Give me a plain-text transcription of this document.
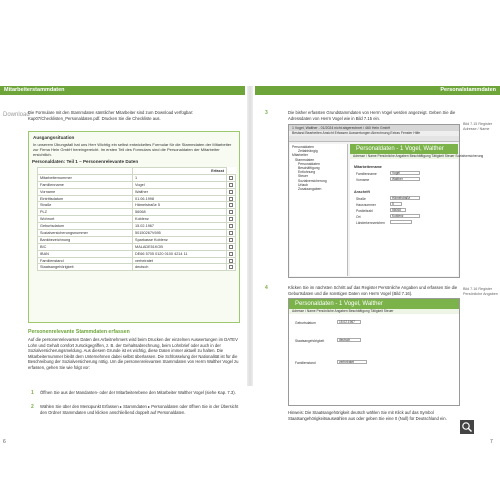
Mitarbeiterstammdaten	Personalstammdaten
Download
Die Formulare mit den Stammdaten sämtlicher Mitarbeiter sind zum Download verfügbar: Kap07/Checklisten_Personaldaten.pdf. Drucken Sie die Checkliste aus.
Ausgangssituation
In unserem Übungsfall hat uns Herr Wichtig ein selbst entwickeltes Formular für die Stammdaten der Mitarbeiter zur Firma Hein GmbH hereingereicht. Im ersten Teil des Formulars sind die Personaldaten der Mitarbeiter ersichtlich.
Personaldaten: Teil 1 – Personenrelevante Daten
	Erfasst	
Mitarbeiternummer	1	
Familienname	Vogel	
Vorname	Walther	
Eintrittsdatum	01.06.1998	
Straße	Hämelstraße 5	
PLZ	56068	
Wohnort	Koblenz	
Geburtsdatum	15.02.1967	
Sozialversicherungsnummer	50150267V695	
Bankbezeichnung	Sparkasse Koblenz	
BIC	MALADE51KOB	
IBAN	DE66 5705 0120 0100 4214 11	
Familienstand	verheiratet	
Staatsangehörigkeit	deutsch	
Personenrelevante Stammdaten erfassen
Auf die personenrelevanten Daten des Arbeitnehmers wird beim Drucken der einzelnen Auswertungen im DATEV Lohn und Gehalt comfort zurückgegriffen, z. B. der Gehaltsabrechnung, beim Lohnbrief oder auch in der Sozialversicherungsmeldung. Aus diesem Grunde ist es wichtig, diese Daten immer aktuell zu halten. Die Mitarbeiternummer bleibt dem Unternehmen dabei selbst überlassen. Die Schlüsselung der Nationalität ist für die Beschreibung der Sozialversicherung nötig. Um die personenrelevanten Stammdaten von Herrn Walther Vogel zu erfassen, gehen Sie wie folgt vor:
1 Öffnen Sie aus der Mandanten- oder der Mitarbeiterebene den Mitarbeiter Walther Vogel (siehe Kap. 7.3).
2 Wählen Sie über den Menüpunkt Erfassen ▸ Stammdaten ▸ Personaldaten oder öffnen Sie in der Übersicht den Ordner Stammdaten und klicken anschließend doppelt auf Personaldaten.
6
3	Die bisher erfassten Grundstammdaten von Herrn Vogel werden angezeigt. Geben Sie die Adressdaten von Herrn Vogel wie in Bild 7.15 ein.
Bild 7.15 Register Adresse / Name
1 Vogel, Walther - 01/2024 nicht abgerechnet / 460 Hein GmbH
Bestand Bearbeiten Ansicht Erfassen Auswertungen Abrechnung Extras Fenster Hilfe
Personaldaten
Zeitabhängig
Mitarbeiter
Stammdaten
Personaldaten
Beschäftigung
Entlohnung
Steuer
Sozialversicherung
Urlaub
Zusatzangaben
Personaldaten - 1 Vogel, Walther
Adresse / Name Persönliche Angaben Beschäftigung Tätigkeit Steuer Sozialversicherung
Mitarbeitername
Familienname	Vogel
Vorname	Walther
Anschrift
Straße	Hämelstraße
Hausnummer	5
Postleitzahl	56068
Ort	Koblenz
Länderkennzeichen
4	Klicken Sie im nächsten Schritt auf das Register Persönliche Angaben und erfassen Sie die Geburtsdaten und die sonstigen Daten von Herrn Vogel (Bild 7.16).
Bild 7.16 Register Persönliche Angaben
Personaldaten - 1 Vogel, Walther
Adresse / Name Persönliche Angaben Beschäftigung Tätigkeit Steuer
Geburtsdatum	15.02.1967
Staatsangehörigkeit	deutsch
Familienstand	verheiratet
Hinweis: Die Staatsangehörigkeit deutsch wählen Sie mit Klick auf das Symbol Staatsangehörigkeitsauswählen aus oder geben Sie eine 0 (Null) für Deutschland ein.
7
